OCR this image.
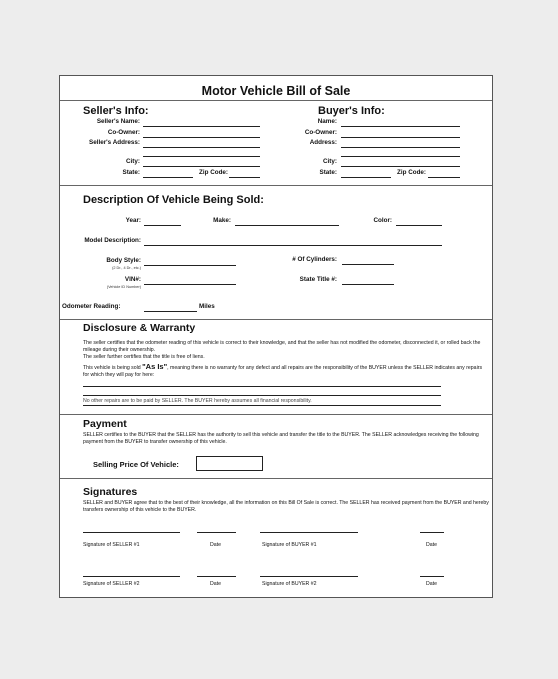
Motor Vehicle Bill of Sale
Seller's Info:	Buyer's Info:
Seller's Name:
Co-Owner:
Seller's Address:
City:
State:	Zip Code:
Name:
Co-Owner:
Address:
City:
State:	Zip Code:
Description Of Vehicle Being Sold:
Year:	Make:	Color:
Model Description:
Body Style:
(2 Dr., 4 Dr., etc.)
# Of Cylinders:
VIN#:
(Vehicle ID Number)
State Title #:
Odometer Reading:	Miles
Disclosure & Warranty
The seller certifies that the odometer reading of this vehicle is correct to their knowledge, and that the seller has not modified the odometer, disconnected it, or rolled back the mileage during their ownership.
The seller further certifies that the title is free of liens.
This vehicle is being sold "As Is", meaning there is no warranty for any defect and all repairs are the responsibility of the BUYER unless the SELLER indicates any repairs for which they will pay for here:
No other repairs are to be paid by SELLER. The BUYER hereby assumes all financial responsibility.
Payment
SELLER certifies to the BUYER that the SELLER has the authority to sell this vehicle and transfer the title to the BUYER. The SELLER acknowledges receiving the following payment from the BUYER to transfer ownership of this vehicle.
Selling Price Of Vehicle:
Signatures
SELLER and BUYER agree that to the best of their knowledge, all the information on this Bill Of Sale is correct. The SELLER has received payment from the BUYER and hereby transfers ownership of this vehicle to the BUYER.
Signature of SELLER #1	Date	Signature of BUYER #1	Date
Signature of SELLER #2	Date	Signature of BUYER #2	Date
